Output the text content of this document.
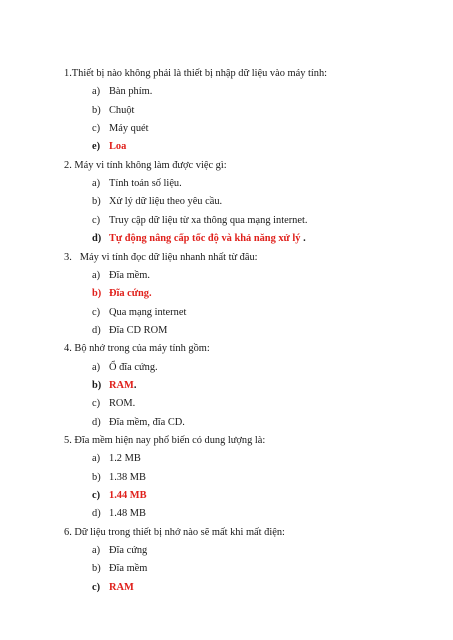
1.Thiết bị nào không phải là thiết bị nhập dữ liệu vào máy tính:
a) Bàn phím.
b) Chuột
c) Máy quét
e) Loa
2. Máy vi tính không làm được việc gì:
a) Tính toán số liệu.
b) Xử lý dữ liệu theo yêu cầu.
c) Truy cập dữ liệu từ xa thông qua mạng internet.
d) Tự động nâng cấp tốc độ và khả năng xử lý .
3. Máy vi tính đọc dữ liệu nhanh nhất từ đâu:
a) Đĩa mềm.
b) Đĩa cứng.
c) Qua mạng internet
d) Đĩa CD ROM
4. Bộ nhớ trong của máy tính gồm:
a) Ổ đĩa cứng.
b) RAM.
c) ROM.
d) Đĩa mềm, đĩa CD.
5. Đĩa mềm hiện nay phổ biến có dung lượng là:
a) 1.2 MB
b) 1.38 MB
c) 1.44 MB
d) 1.48 MB
6. Dữ liệu trong thiết bị nhớ nào sẽ mất khi mất điện:
a) Đĩa cứng
b) Đĩa mềm
c) RAM
